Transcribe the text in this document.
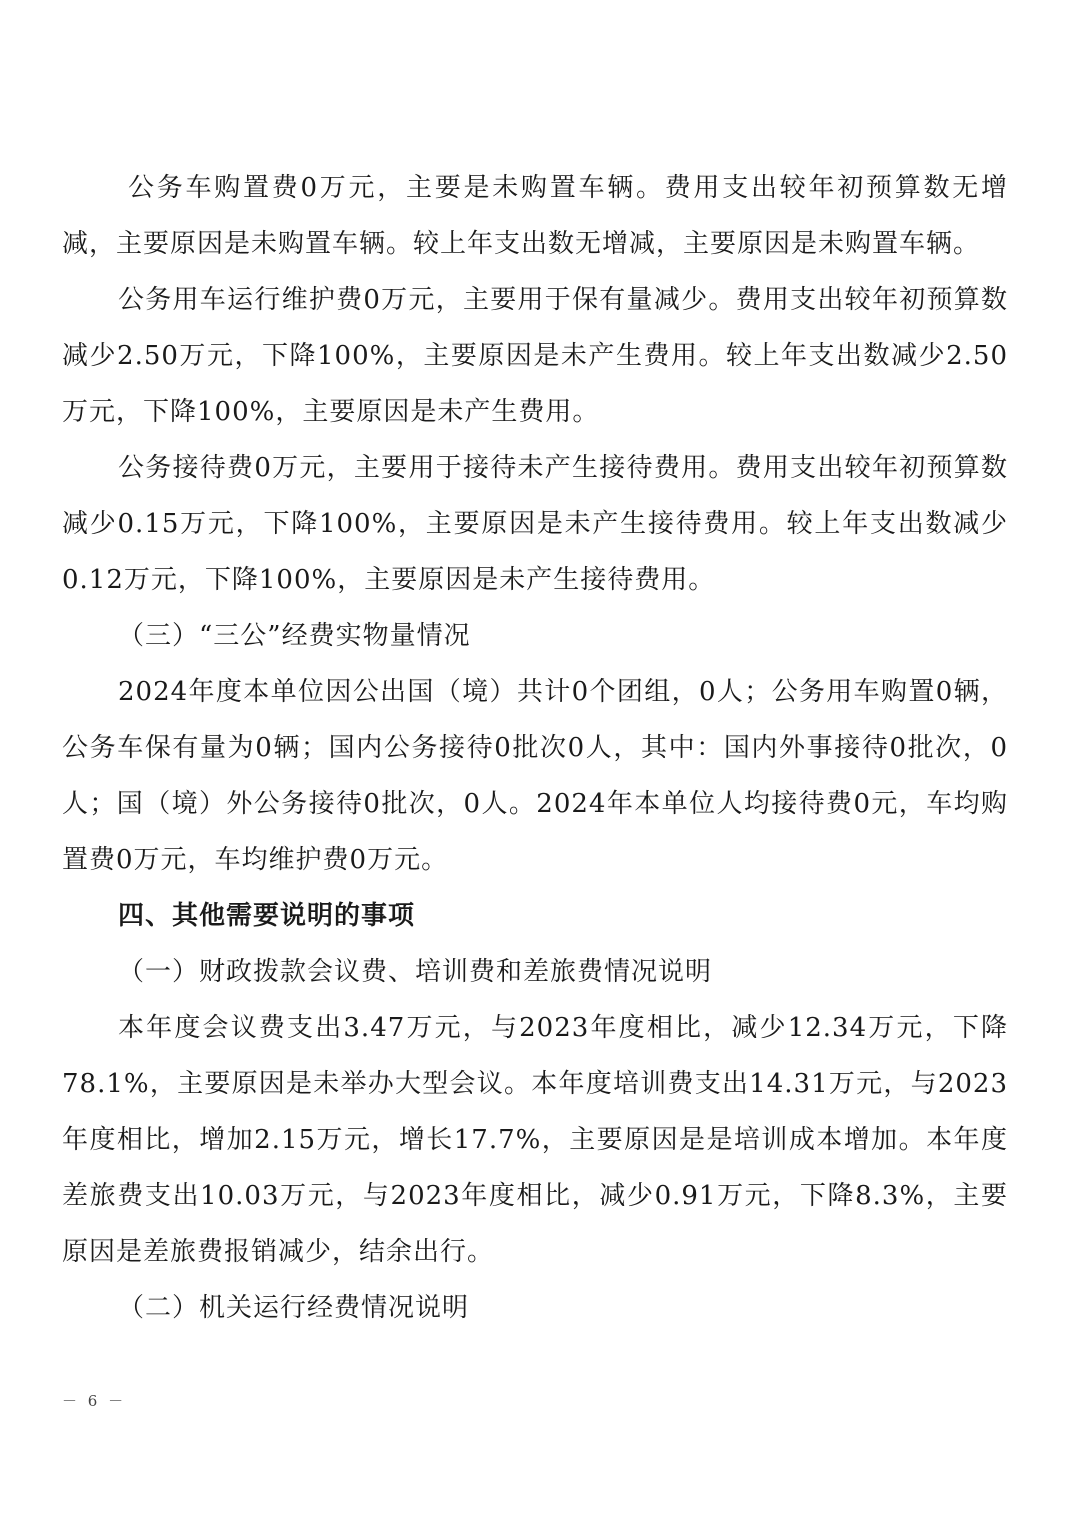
公务车购置费0万元，主要是未购置车辆。费用支出较年初预算数无增减，主要原因是未购置车辆。较上年支出数无增减，主要原因是未购置车辆。

公务用车运行维护费0万元，主要用于保有量减少。费用支出较年初预算数减少2.50万元，下降100%，主要原因是未产生费用。较上年支出数减少2.50万元，下降100%，主要原因是未产生费用。

公务接待费0万元，主要用于接待未产生接待费用。费用支出较年初预算数减少0.15万元，下降100%，主要原因是未产生接待费用。较上年支出数减少0.12万元，下降100%，主要原因是未产生接待费用。

（三）“三公”经费实物量情况

2024年度本单位因公出国（境）共计0个团组，0人；公务用车购置0辆，公务车保有量为0辆；国内公务接待0批次0人，其中：国内外事接待0批次，0人；国（境）外公务接待0批次，0人。2024年本单位人均接待费0元，车均购置费0万元，车均维护费0万元。

四、其他需要说明的事项

（一）财政拨款会议费、培训费和差旅费情况说明

本年度会议费支出3.47万元，与2023年度相比，减少12.34万元，下降78.1%，主要原因是未举办大型会议。本年度培训费支出14.31万元，与2023年度相比，增加2.15万元，增长17.7%，主要原因是是培训成本增加。本年度差旅费支出10.03万元，与2023年度相比，减少0.91万元，下降8.3%，主要原因是差旅费报销减少，结余出行。

（二）机关运行经费情况说明

－ 6 －
